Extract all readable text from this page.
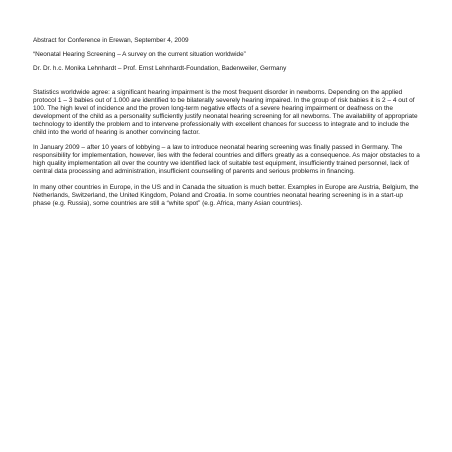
Abstract for Conference in Erewan, September 4, 2009
“Neonatal Hearing Screening – A survey on the current situation worldwide”
Dr. Dr. h.c. Monika Lehnhardt – Prof. Ernst Lehnhardt-Foundation, Badenweiler, Germany

Statistics worldwide agree: a significant hearing impairment is the most frequent disorder in newborns. Depending on the applied protocol 1 – 3 babies out of 1.000 are identified to be bilaterally severely hearing impaired. In the group of risk babies it is 2 – 4 out of 100. The high level of incidence and the proven long-term negative effects of a severe hearing impairment or deafness on the development of the child as a personality sufficiently justify neonatal hearing screening for all newborns. The availability of appropriate technology to identify the problem and to intervene professionally with excellent chances for success to integrate and to include the child into the world of hearing is another convincing factor.

In January 2009 – after 10 years of lobbying – a law to introduce neonatal hearing screening was finally passed in Germany. The responsibility for implementation, however, lies with the federal countries and differs greatly as a consequence. As major obstacles to a high quality implementation all over the country we identified lack of suitable test equipment, insufficiently trained personnel, lack of central data processing and administration, insufficient counselling of parents and serious problems in financing.

In many other countries in Europe, in the US and in Canada the situation is much better. Examples in Europe are Austria, Belgium, the Netherlands, Switzerland, the United Kingdom, Poland and Croatia. In some countries neonatal hearing screening is in a start-up phase (e.g. Russia), some countries are still a “white spot” (e.g. Africa, many Asian countries).
